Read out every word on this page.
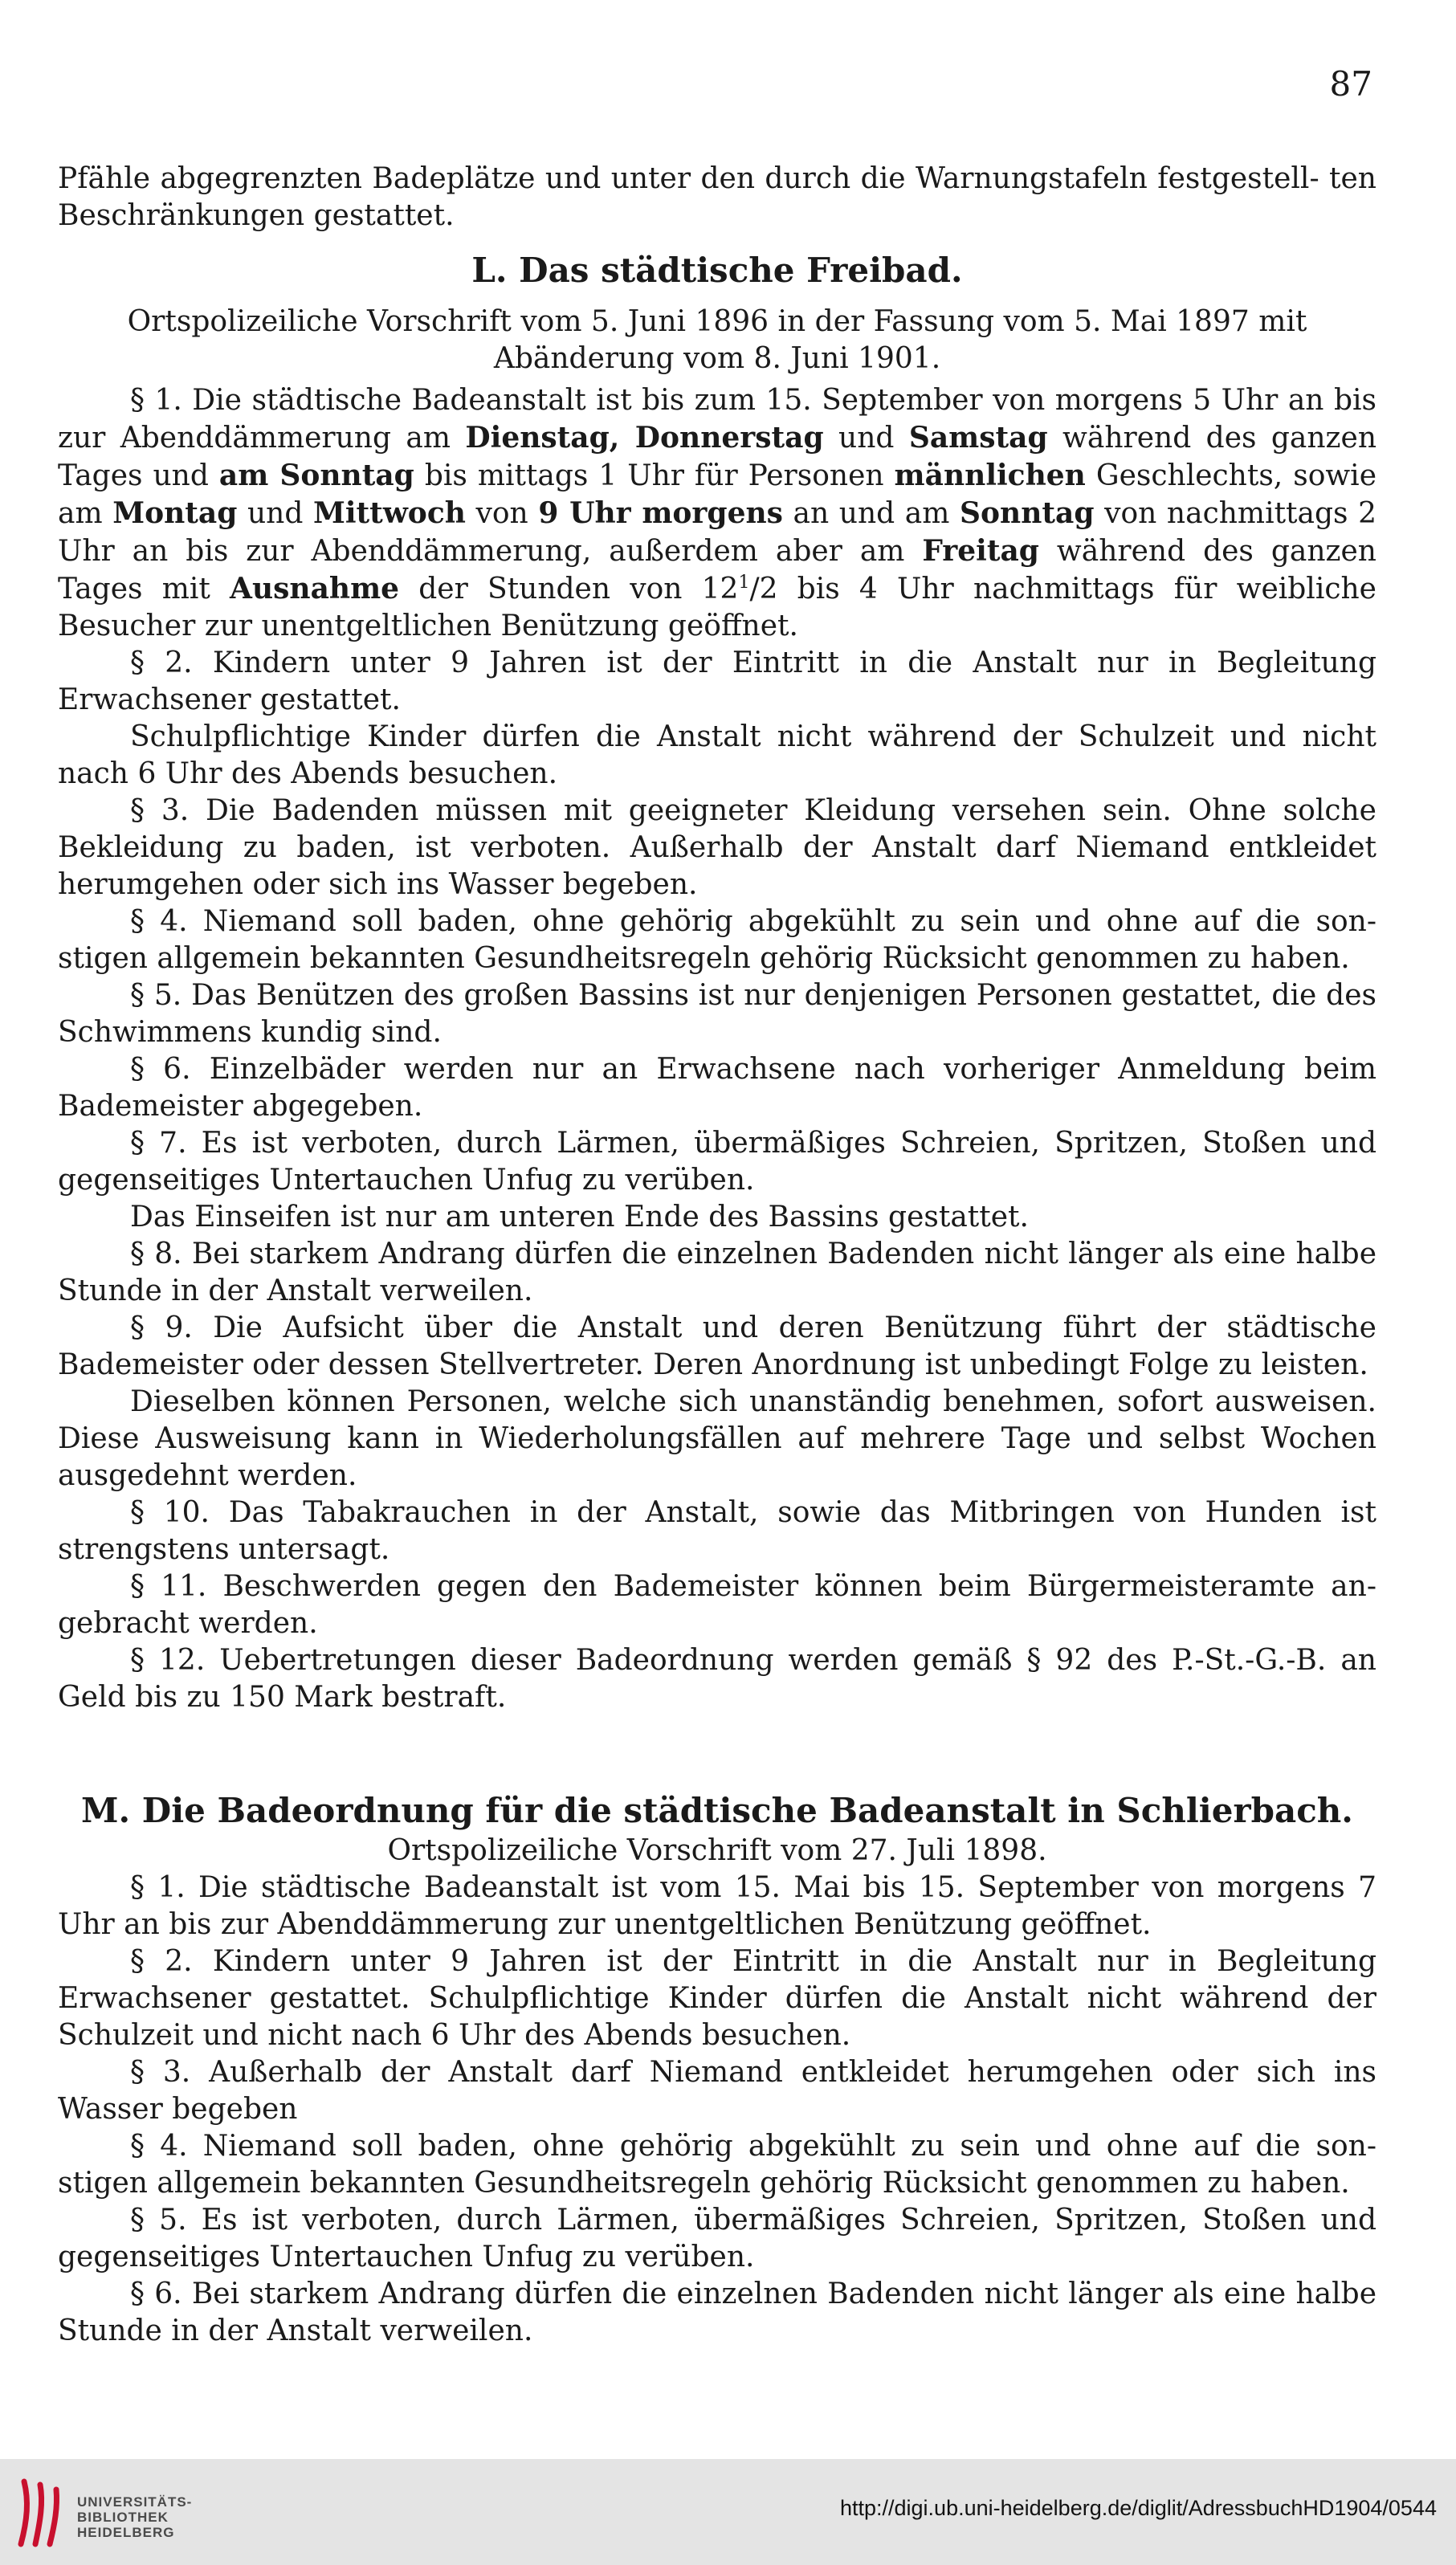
87

Pfähle abgegrenzten Badeplätze und unter den durch die Warnungstafeln festgestell- ten Beschränkungen gestattet.

L. Das städtische Freibad.

Ortspolizeiliche Vorschrift vom 5. Juni 1896 in der Fassung vom 5. Mai 1897 mit Abänderung vom 8. Juni 1901.

§ 1. Die städtische Badeanstalt ist bis zum 15. September von morgens 5 Uhr an bis zur Abenddämmerung am Dienstag, Donnerstag und Samstag während des ganzen Tages und am Sonntag bis mittags 1 Uhr für Personen männlichen Geschlechts, sowie am Montag und Mittwoch von 9 Uhr morgens an und am Sonntag von nachmittags 2 Uhr an bis zur Abenddämmerung, außerdem aber am Freitag während des ganzen Tages mit Ausnahme der Stunden von $12^1/2$ bis 4 Uhr nachmittags für weibliche Besucher zur unentgeltlichen Benützung geöffnet.

§ 2. Kindern unter 9 Jahren ist der Eintritt in die Anstalt nur in Begleitung Erwachsener gestattet.

Schulpflichtige Kinder dürfen die Anstalt nicht während der Schulzeit und nicht nach 6 Uhr des Abends besuchen.

§ 3. Die Badenden müssen mit geeigneter Kleidung versehen sein. Ohne solche Bekleidung zu baden, ist verboten. Außerhalb der Anstalt darf Niemand entkleidet herumgehen oder sich ins Wasser begeben.

§ 4. Niemand soll baden, ohne gehörig abgekühlt zu sein und ohne auf die son- stigen allgemein bekannten Gesundheitsregeln gehörig Rücksicht genommen zu haben.

§ 5. Das Benützen des großen Bassins ist nur denjenigen Personen gestattet, die des Schwimmens kundig sind.

§ 6. Einzelbäder werden nur an Erwachsene nach vorheriger Anmeldung beim Bademeister abgegeben.

§ 7. Es ist verboten, durch Lärmen, übermäßiges Schreien, Spritzen, Stoßen und gegenseitiges Untertauchen Unfug zu verüben.

Das Einseifen ist nur am unteren Ende des Bassins gestattet.

§ 8. Bei starkem Andrang dürfen die einzelnen Badenden nicht länger als eine halbe Stunde in der Anstalt verweilen.

§ 9. Die Aufsicht über die Anstalt und deren Benützung führt der städtische Bademeister oder dessen Stellvertreter. Deren Anordnung ist unbedingt Folge zu leisten.

Dieselben können Personen, welche sich unanständig benehmen, sofort ausweisen. Diese Ausweisung kann in Wiederholungsfällen auf mehrere Tage und selbst Wochen ausgedehnt werden.

§ 10. Das Tabakrauchen in der Anstalt, sowie das Mitbringen von Hunden ist strengstens untersagt.

§ 11. Beschwerden gegen den Bademeister können beim Bürgermeisteramte an- gebracht werden.

§ 12. Uebertretungen dieser Badeordnung werden gemäß § 92 des P.-St.-G.-B. an Geld bis zu 150 Mark bestraft.

M. Die Badeordnung für die städtische Badeanstalt in Schlierbach.

Ortspolizeiliche Vorschrift vom 27. Juli 1898.

§ 1. Die städtische Badeanstalt ist vom 15. Mai bis 15. September von morgens 7 Uhr an bis zur Abenddämmerung zur unentgeltlichen Benützung geöffnet.

§ 2. Kindern unter 9 Jahren ist der Eintritt in die Anstalt nur in Begleitung Erwachsener gestattet. Schulpflichtige Kinder dürfen die Anstalt nicht während der Schulzeit und nicht nach 6 Uhr des Abends besuchen.

§ 3. Außerhalb der Anstalt darf Niemand entkleidet herumgehen oder sich ins Wasser begeben

§ 4. Niemand soll baden, ohne gehörig abgekühlt zu sein und ohne auf die son- stigen allgemein bekannten Gesundheitsregeln gehörig Rücksicht genommen zu haben.

§ 5. Es ist verboten, durch Lärmen, übermäßiges Schreien, Spritzen, Stoßen und gegenseitiges Untertauchen Unfug zu verüben.

§ 6. Bei starkem Andrang dürfen die einzelnen Badenden nicht länger als eine halbe Stunde in der Anstalt verweilen.

UNIVERSITÄTS-
BIBLIOTHEK
HEIDELBERG
http://digi.ub.uni-heidelberg.de/diglit/AdressbuchHD1904/0544
